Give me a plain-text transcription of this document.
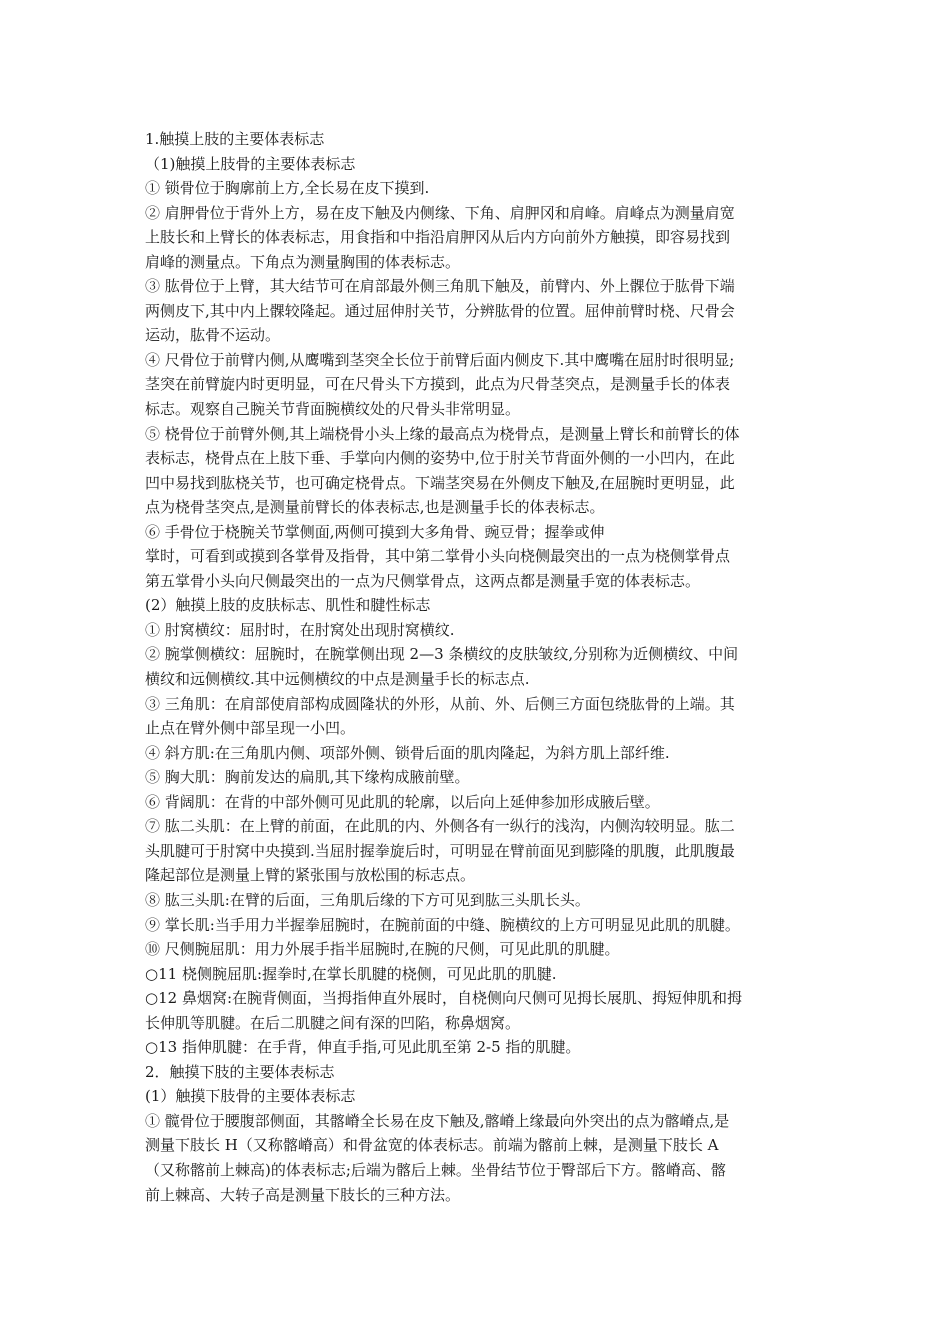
1.触摸上肢的主要体表标志
（1)触摸上肢骨的主要体表标志
① 锁骨位于胸廓前上方,全长易在皮下摸到.
② 肩胛骨位于背外上方，易在皮下触及内侧缘、下角、肩胛冈和肩峰。肩峰点为测量肩宽
上肢长和上臂长的体表标志，用食指和中指沿肩胛冈从后内方向前外方触摸，即容易找到
肩峰的测量点。下角点为测量胸围的体表标志。
③ 肱骨位于上臂，其大结节可在肩部最外侧三角肌下触及，前臂内、外上髁位于肱骨下端
两侧皮下,其中内上髁较隆起。通过屈伸肘关节，分辨肱骨的位置。屈伸前臂时桡、尺骨会
运动，肱骨不运动。
④ 尺骨位于前臂内侧,从鹰嘴到茎突全长位于前臂后面内侧皮下.其中鹰嘴在屈肘时很明显;
茎突在前臂旋内时更明显，可在尺骨头下方摸到，此点为尺骨茎突点，是测量手长的体表
标志。观察自己腕关节背面腕横纹处的尺骨头非常明显。
⑤ 桡骨位于前臂外侧,其上端桡骨小头上缘的最高点为桡骨点，是测量上臂长和前臂长的体
表标志，桡骨点在上肢下垂、手掌向内侧的姿势中,位于肘关节背面外侧的一小凹内，在此
凹中易找到肱桡关节，也可确定桡骨点。下端茎突易在外侧皮下触及,在屈腕时更明显，此
点为桡骨茎突点,是测量前臂长的体表标志,也是测量手长的体表标志。
⑥ 手骨位于桡腕关节掌侧面,两侧可摸到大多角骨、豌豆骨；握拳或伸
掌时，可看到或摸到各掌骨及指骨，其中第二掌骨小头向桡侧最突出的一点为桡侧掌骨点
第五掌骨小头向尺侧最突出的一点为尺侧掌骨点，这两点都是测量手宽的体表标志。
(2）触摸上肢的皮肤标志、肌性和腱性标志
① 肘窝横纹：屈肘时，在肘窝处出现肘窝横纹.
② 腕掌侧横纹：屈腕时，在腕掌侧出现 2—3 条横纹的皮肤皱纹,分别称为近侧横纹、中间
横纹和远侧横纹.其中远侧横纹的中点是测量手长的标志点.
③ 三角肌：在肩部使肩部构成圆隆状的外形，从前、外、后侧三方面包绕肱骨的上端。其
止点在臂外侧中部呈现一小凹。
④ 斜方肌:在三角肌内侧、项部外侧、锁骨后面的肌肉隆起，为斜方肌上部纤维.
⑤ 胸大肌：胸前发达的扁肌,其下缘构成腋前壁。
⑥ 背阔肌：在背的中部外侧可见此肌的轮廓，以后向上延伸参加形成腋后壁。
⑦ 肱二头肌：在上臂的前面，在此肌的内、外侧各有一纵行的浅沟，内侧沟较明显。肱二
头肌腱可于肘窝中央摸到.当屈肘握拳旋后时，可明显在臂前面见到膨隆的肌腹，此肌腹最
隆起部位是测量上臂的紧张围与放松围的标志点。
⑧ 肱三头肌:在臂的后面，三角肌后缘的下方可见到肱三头肌长头。
⑨ 掌长肌:当手用力半握拳屈腕时，在腕前面的中缝、腕横纹的上方可明显见此肌的肌腱。
⑩ 尺侧腕屈肌：用力外展手指半屈腕时,在腕的尺侧，可见此肌的肌腱。
○11 桡侧腕屈肌:握拳时,在掌长肌腱的桡侧，可见此肌的肌腱.
○12 鼻烟窝:在腕背侧面，当拇指伸直外展时，自桡侧向尺侧可见拇长展肌、拇短伸肌和拇
长伸肌等肌腱。在后二肌腱之间有深的凹陷，称鼻烟窝。
○13 指伸肌腱：在手背，伸直手指,可见此肌至第 2-5 指的肌腱。
2．触摸下肢的主要体表标志
(1）触摸下肢骨的主要体表标志
① 髋骨位于腰腹部侧面，其髂嵴全长易在皮下触及,髂嵴上缘最向外突出的点为髂嵴点,是
测量下肢长 H（又称髂嵴高）和骨盆宽的体表标志。前端为髂前上棘，是测量下肢长 A
（又称髂前上棘高)的体表标志;后端为髂后上棘。坐骨结节位于臀部后下方。髂嵴高、髂
前上棘高、大转子高是测量下肢长的三种方法。
